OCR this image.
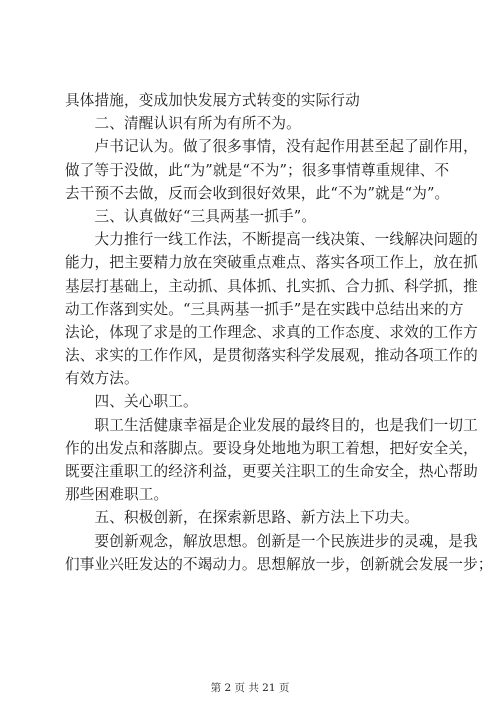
具体措施，变成加快发展方式转变的实际行动
　　二、清醒认识有所为有所不为。
　　卢书记认为。做了很多事情，没有起作用甚至起了副作用，
做了等于没做，此“为”就是“不为”；很多事情尊重规律、不
去干预不去做，反而会收到很好效果，此“不为”就是“为”。
　　三、认真做好“三具两基一抓手”。
　　大力推行一线工作法，不断提高一线决策、一线解决问题的
能力，把主要精力放在突破重点难点、落实各项工作上，放在抓
基层打基础上，主动抓、具体抓、扎实抓、合力抓、科学抓，推
动工作落到实处。“三具两基一抓手”是在实践中总结出来的方
法论，体现了求是的工作理念、求真的工作态度、求效的工作方
法、求实的工作作风，是贯彻落实科学发展观，推动各项工作的
有效方法。
　　四、关心职工。
　　职工生活健康幸福是企业发展的最终目的，也是我们一切工
作的出发点和落脚点。要设身处地地为职工着想，把好安全关，
既要注重职工的经济利益，更要关注职工的生命安全，热心帮助
那些困难职工。
　　五、积极创新，在探索新思路、新方法上下功夫。
　　要创新观念，解放思想。创新是一个民族进步的灵魂，是我
们事业兴旺发达的不竭动力。思想解放一步，创新就会发展一步；
第 2 页 共 21 页
